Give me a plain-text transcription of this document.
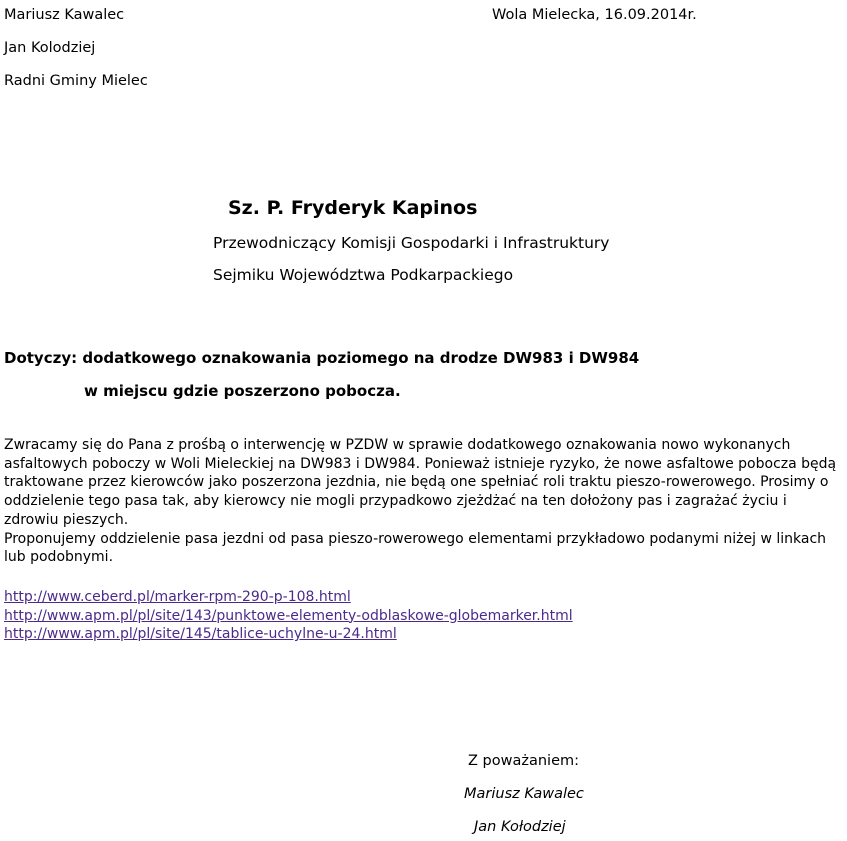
Mariusz Kawalec
Jan Kolodziej
Radni Gminy Mielec
Wola Mielecka, 16.09.2014r.
Sz. P. Fryderyk Kapinos
Przewodniczący Komisji Gospodarki i Infrastruktury
Sejmiku Województwa Podkarpackiego
Dotyczy: dodatkowego oznakowania poziomego na drodze DW983 i DW984
w miejscu gdzie poszerzono pobocza.

Zwracamy się do Pana z prośbą o interwencję w PZDW w sprawie dodatkowego oznakowania nowo wykonanych asfaltowych poboczy w Woli Mieleckiej na DW983 i DW984. Ponieważ istnieje ryzyko, że nowe asfaltowe pobocza będą traktowane przez kierowców jako poszerzona jezdnia, nie będą one spełniać roli traktu pieszo-rowerowego. Prosimy o oddzielenie tego pasa tak, aby kierowcy nie mogli przypadkowo zjeżdżać na ten dołożony pas i zagrażać życiu i zdrowiu pieszych.

Proponujemy oddzielenie pasa jezdni od pasa pieszo-rowerowego elementami przykładowo podanymi niżej w linkach lub podobnymi.

http://www.ceberd.pl/marker-rpm-290-p-108.html
http://www.apm.pl/pl/site/143/punktowe-elementy-odblaskowe-globemarker.html
http://www.apm.pl/pl/site/145/tablice-uchylne-u-24.html
Z poważaniem:
Mariusz Kawalec
Jan Kołodziej
